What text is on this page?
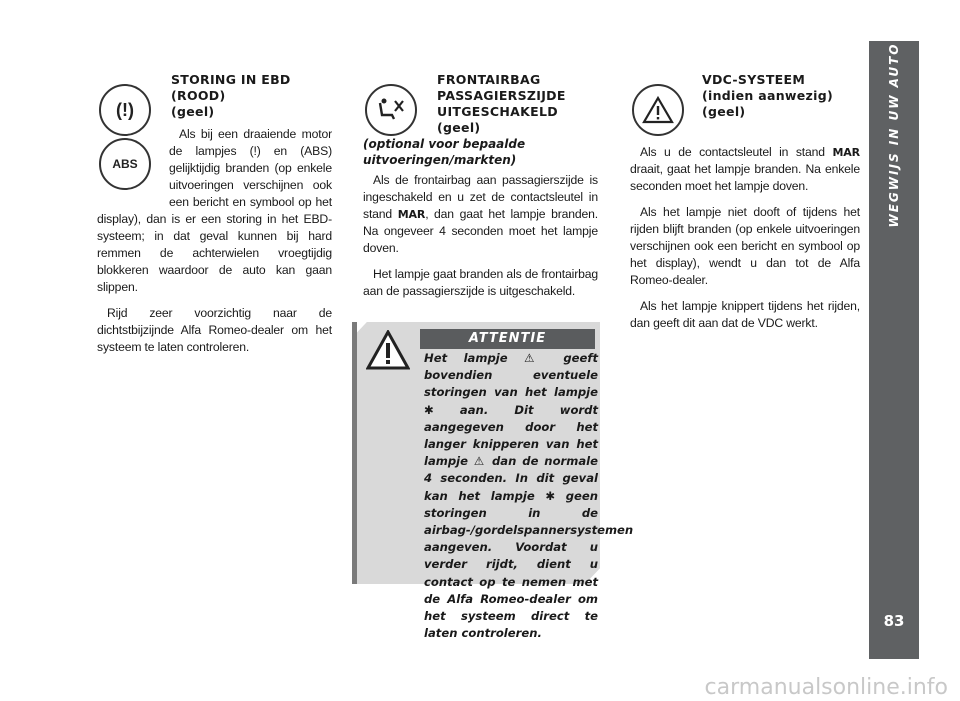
(!)
ABS
STORING IN EBD
(ROOD)
(geel)

Als bij een draaiende motor de lampjes (!) en (ABS) gelijktijdig branden (op enkele uitvoeringen verschijnen ook een bericht en symbool op het display), dan is er een storing in het EBD-systeem; in dat geval kunnen bij hard remmen de achterwielen vroegtijdig blokkeren waardoor de auto kan gaan slippen.

Rijd zeer voorzichtig naar de dichtstbijzijnde Alfa Romeo-dealer om het systeem te laten controleren.

FRONTAIRBAG
PASSAGIERSZIJDE
UITGESCHAKELD
(geel)
(optional voor bepaalde uitvoeringen/markten)

Als de frontairbag aan passagierszijde is ingeschakeld en u zet de contactsleutel in stand MAR, dan gaat het lampje branden. Na ongeveer 4 seconden moet het lampje doven.

Het lampje gaat branden als de frontairbag aan de passagierszijde is uitgeschakeld.

ATTENTIE
Het lampje ⚠ geeft bovendien eventuele storingen van het lampje ✱ aan. Dit wordt aangegeven door het langer knipperen van het lampje ⚠ dan de normale 4 seconden. In dit geval kan het lampje ✱ geen storingen in de airbag-/gordelspannersystemen aangeven. Voordat u verder rijdt, dient u contact op te nemen met de Alfa Romeo-dealer om het systeem direct te laten controleren.
VDC-SYSTEEM
(indien aanwezig)
(geel)

Als u de contactsleutel in stand MAR draait, gaat het lampje branden. Na enkele seconden moet het lampje doven.

Als het lampje niet dooft of tijdens het rijden blijft branden (op enkele uitvoeringen verschijnen ook een bericht en symbool op het display), wendt u dan tot de Alfa Romeo-dealer.

Als het lampje knippert tijdens het rijden, dan geeft dit aan dat de VDC werkt.

WEGWIJS IN UW AUTO
83
carmanualsonline.info
